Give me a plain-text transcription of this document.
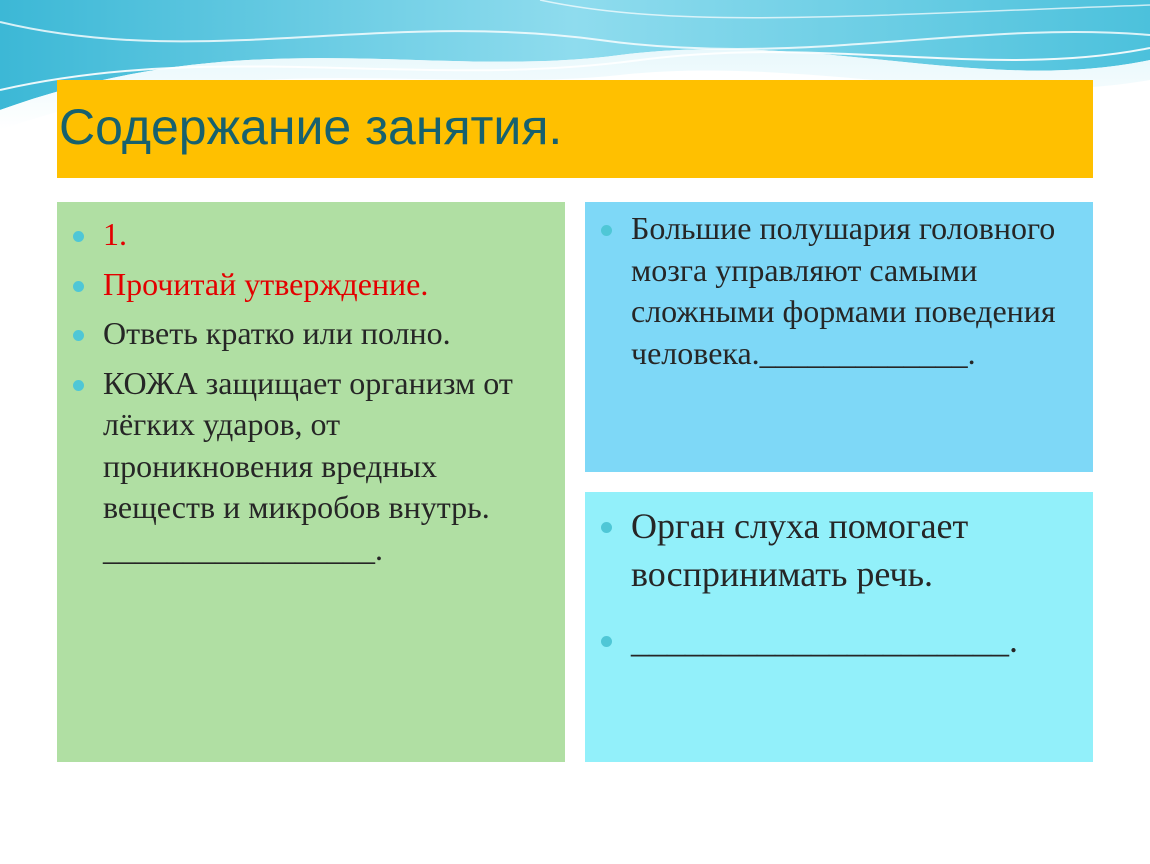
Содержание занятия.
1.
Прочитай утверждение.
Ответь кратко или полно.
КОЖА защищает организм от лёгких ударов, от проникновения вредных веществ и микробов внутрь. _________________.
Большие полушария головного мозга управляют самыми сложными формами поведения человека._____________.
Орган слуха помогает воспринимать речь.
_____________________.
